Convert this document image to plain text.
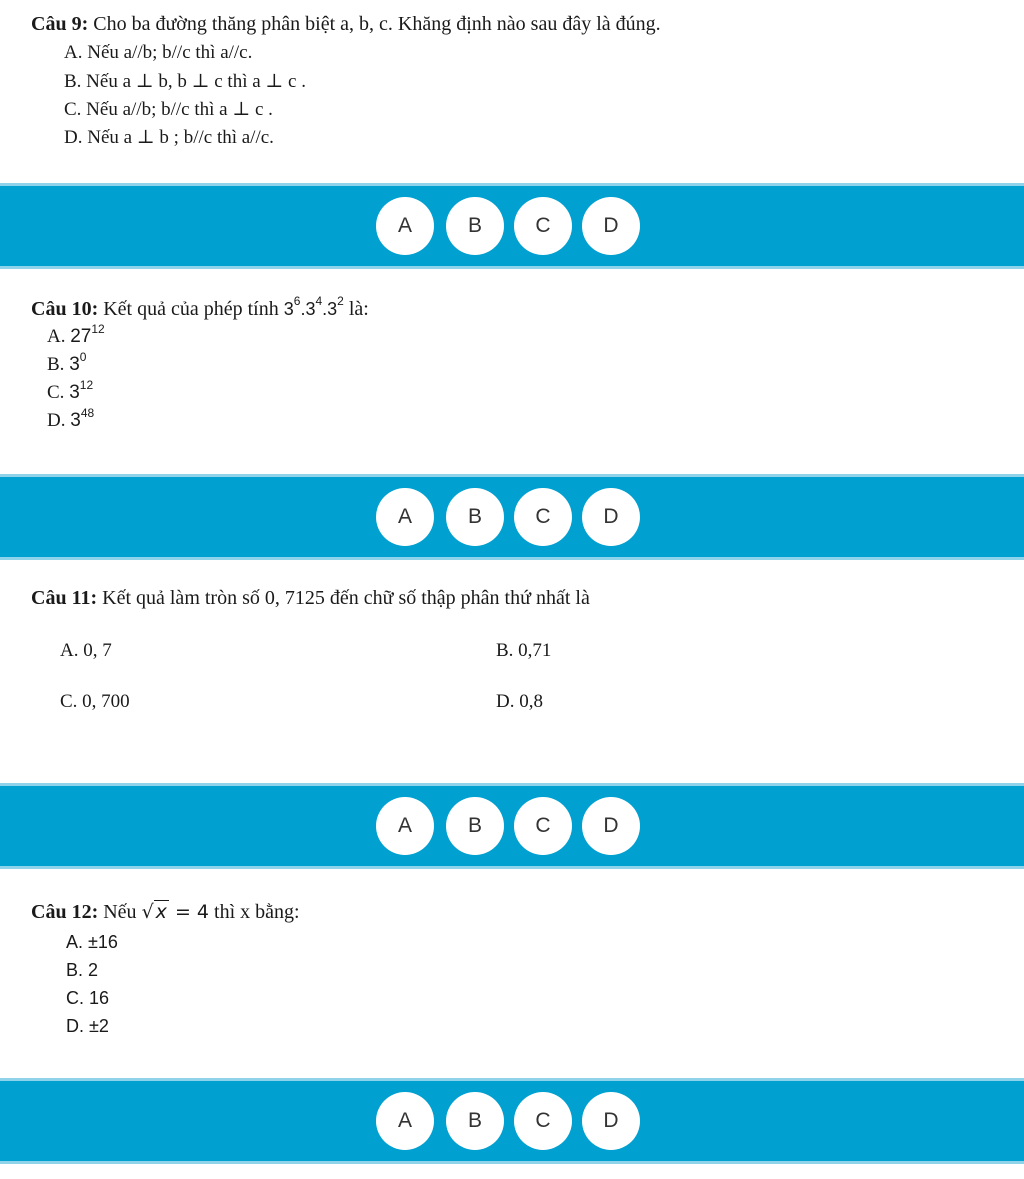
Câu 9: Cho ba đường thăng phân biệt a, b, c. Khăng định nào sau đây là đúng.
A. Nếu a//b; b//c thì a//c.
B. Nếu a ⊥ b, b ⊥ c thì a ⊥ c .
C. Nếu a//b; b//c thì a ⊥ c .
D. Nếu a ⊥ b ; b//c thì a//c.
A	B	C	D
Câu 10: Kết quả của phép tính $3^6.3^4.3^2$ là:
A. $27^{12}$
B. $3^0$
C. $3^{12}$
D. $3^{48}$
A	B	C	D
Câu 11: Kết quả làm tròn số 0, 7125 đến chữ số thập phân thứ nhất là
A. 0, 7	B. 0,71
C. 0, 700	D. 0,8
A	B	C	D
Câu 12: Nếu √ x = 4 thì x bằng:
A. ±16
B. 2
C. 16
D. ±2
A	B	C	D
